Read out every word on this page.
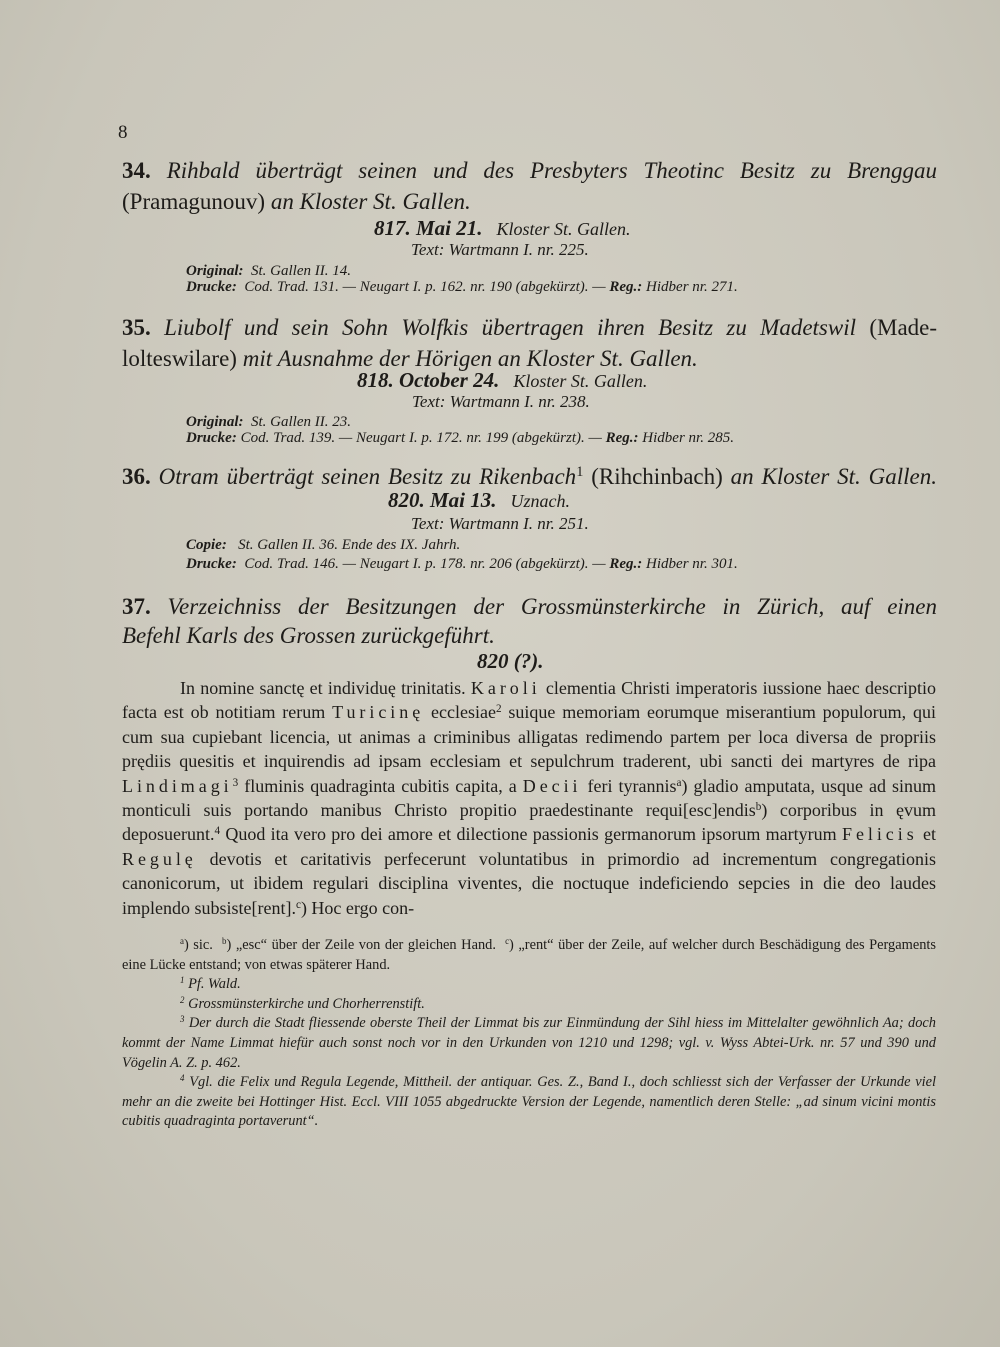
8
34. Rihbald überträgt seinen und des Presbyters Theotinc Besitz zu Brenggau
(Pramagunouv) an Kloster St. Gallen.
817. Mai 21. Kloster St. Gallen.
Text: Wartmann I. nr. 225.
Original: St. Gallen II. 14.
Drucke: Cod. Trad. 131. — Neugart I. p. 162. nr. 190 (abgekürzt). — Reg.: Hidber nr. 271.
35. Liubolf und sein Sohn Wolfkis übertragen ihren Besitz zu Madetswil (Made-
lolteswilare) mit Ausnahme der Hörigen an Kloster St. Gallen.
818. October 24. Kloster St. Gallen.
Text: Wartmann I. nr. 238.
Original: St. Gallen II. 23.
Drucke: Cod. Trad. 139. — Neugart I. p. 172. nr. 199 (abgekürzt). — Reg.: Hidber nr. 285.
36. Otram überträgt seinen Besitz zu Rikenbach$^1$ (Rihchinbach) an Kloster St. Gallen.
820. Mai 13. Uznach.
Text: Wartmann I. nr. 251.
Copie: St. Gallen II. 36. Ende des IX. Jahrh.
Drucke: Cod. Trad. 146. — Neugart I. p. 178. nr. 206 (abgekürzt). — Reg.: Hidber nr. 301.
37. Verzeichniss der Besitzungen der Grossmünsterkirche in Zürich, auf einen
Befehl Karls des Grossen zurückgeführt.
820 (?).

In nomine sanctę et individuę trinitatis. Karoli clementia Christi imperatoris iussione haec descriptio facta est ob notitiam rerum Turicinę ecclesiae$^2$ suique memoriam eorumque miserantium populorum, qui cum sua cupiebant licencia, ut animas a criminibus alligatas redimendo partem per loca diversa de propriis prędiis quesitis et inquirendis ad ipsam ecclesiam et sepulchrum traderent, ubi sancti dei martyres de ripa Lindimagi$^3$ fluminis quadraginta cubitis capita, a Decii feri tyrannis$^a$) gladio amputata, usque ad sinum monticuli suis portando manibus Christo propitio praedestinante requi[esc]endis$^b$) corporibus in ęvum deposuerunt.$^4$ Quod ita vero pro dei amore et dilectione passionis germanorum ipsorum martyrum Felicis et Regulę devotis et caritativis perfecerunt voluntatibus in primordio ad incrementum congregationis canonicorum, ut ibidem regulari disciplina viventes, die noctuque indeficiendo sepcies in die deo laudes implendo subsiste[rent].$^c$) Hoc ergo con-

$^a$) sic. $^b$) „esc“ über der Zeile von der gleichen Hand. $^c$) „rent“ über der Zeile, auf welcher durch Beschädigung des Pergaments eine Lücke entstand; von etwas späterer Hand.

$^1$ Pf. Wald.

$^2$ Grossmünsterkirche und Chorherrenstift.

$^3$ Der durch die Stadt fliessende oberste Theil der Limmat bis zur Einmündung der Sihl hiess im Mittelalter gewöhnlich Aa; doch kommt der Name Limmat hiefür auch sonst noch vor in den Urkunden von 1210 und 1298; vgl. v. Wyss Abtei-Urk. nr. 57 und 390 und Vögelin A. Z. p. 462.

$^4$ Vgl. die Felix und Regula Legende, Mittheil. der antiquar. Ges. Z., Band I., doch schliesst sich der Verfasser der Urkunde viel mehr an die zweite bei Hottinger Hist. Eccl. VIII 1055 abgedruckte Version der Legende, namentlich deren Stelle: „ad sinum vicini montis cubitis quadraginta portaverunt“.
